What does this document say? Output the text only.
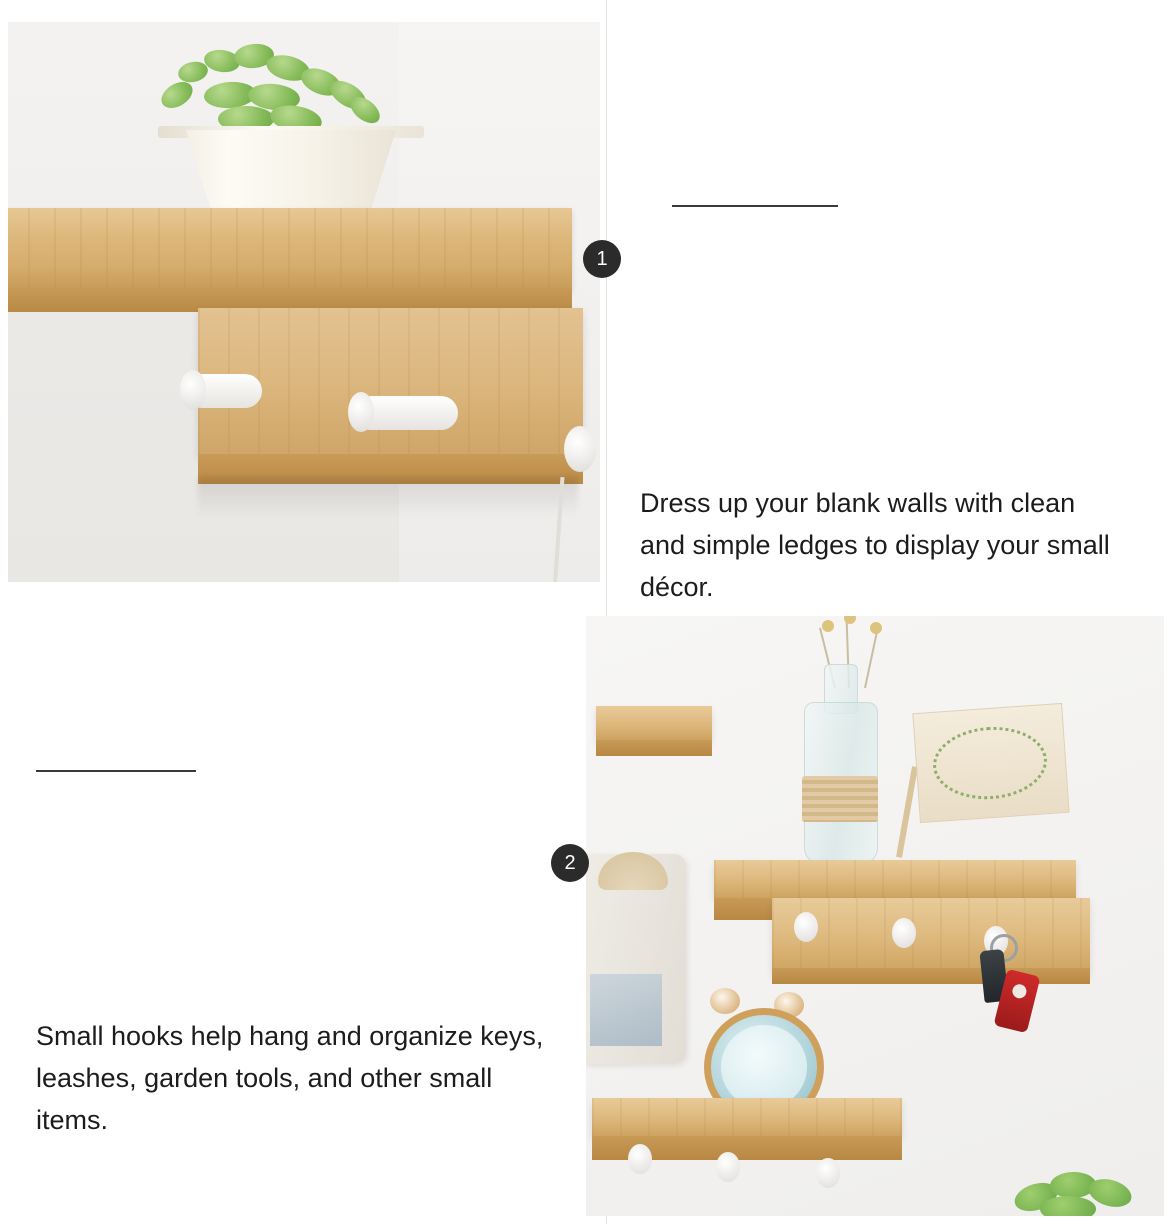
1

Dress up your blank walls with clean and simple ledges to display your small décor.

2

Small hooks help hang and organize keys, leashes, garden tools, and other small items.
